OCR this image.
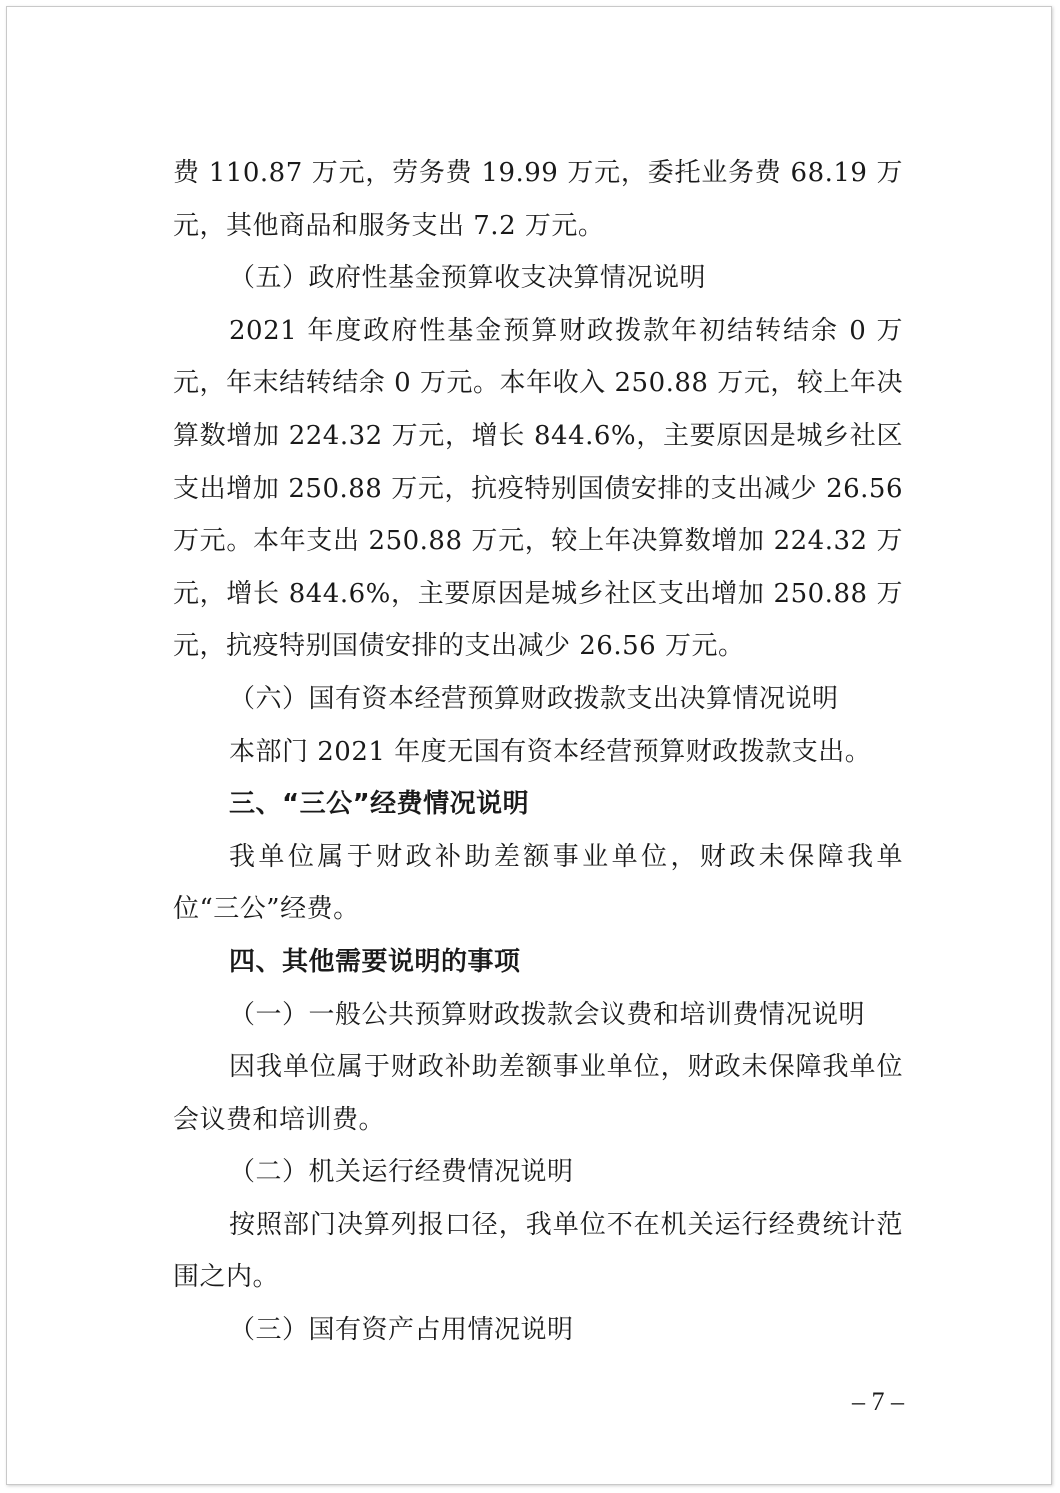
费 110.87 万元，劳务费 19.99 万元，委托业务费 68.19 万元，其他商品和服务支出 7.2 万元。

（五）政府性基金预算收支决算情况说明

2021 年度政府性基金预算财政拨款年初结转结余 0 万元，年末结转结余 0 万元。本年收入 250.88 万元，较上年决算数增加 224.32 万元，增长 844.6%，主要原因是城乡社区支出增加 250.88 万元，抗疫特别国债安排的支出减少 26.56 万元。本年支出 250.88 万元，较上年决算数增加 224.32 万元，增长 844.6%，主要原因是城乡社区支出增加 250.88 万元，抗疫特别国债安排的支出减少 26.56 万元。

（六）国有资本经营预算财政拨款支出决算情况说明

本部门 2021 年度无国有资本经营预算财政拨款支出。

三、“三公”经费情况说明

我单位属于财政补助差额事业单位，财政未保障我单位“三公”经费。

四、其他需要说明的事项

（一）一般公共预算财政拨款会议费和培训费情况说明

因我单位属于财政补助差额事业单位，财政未保障我单位会议费和培训费。

（二）机关运行经费情况说明

按照部门决算列报口径，我单位不在机关运行经费统计范围之内。

（三）国有资产占用情况说明

– 7 –
